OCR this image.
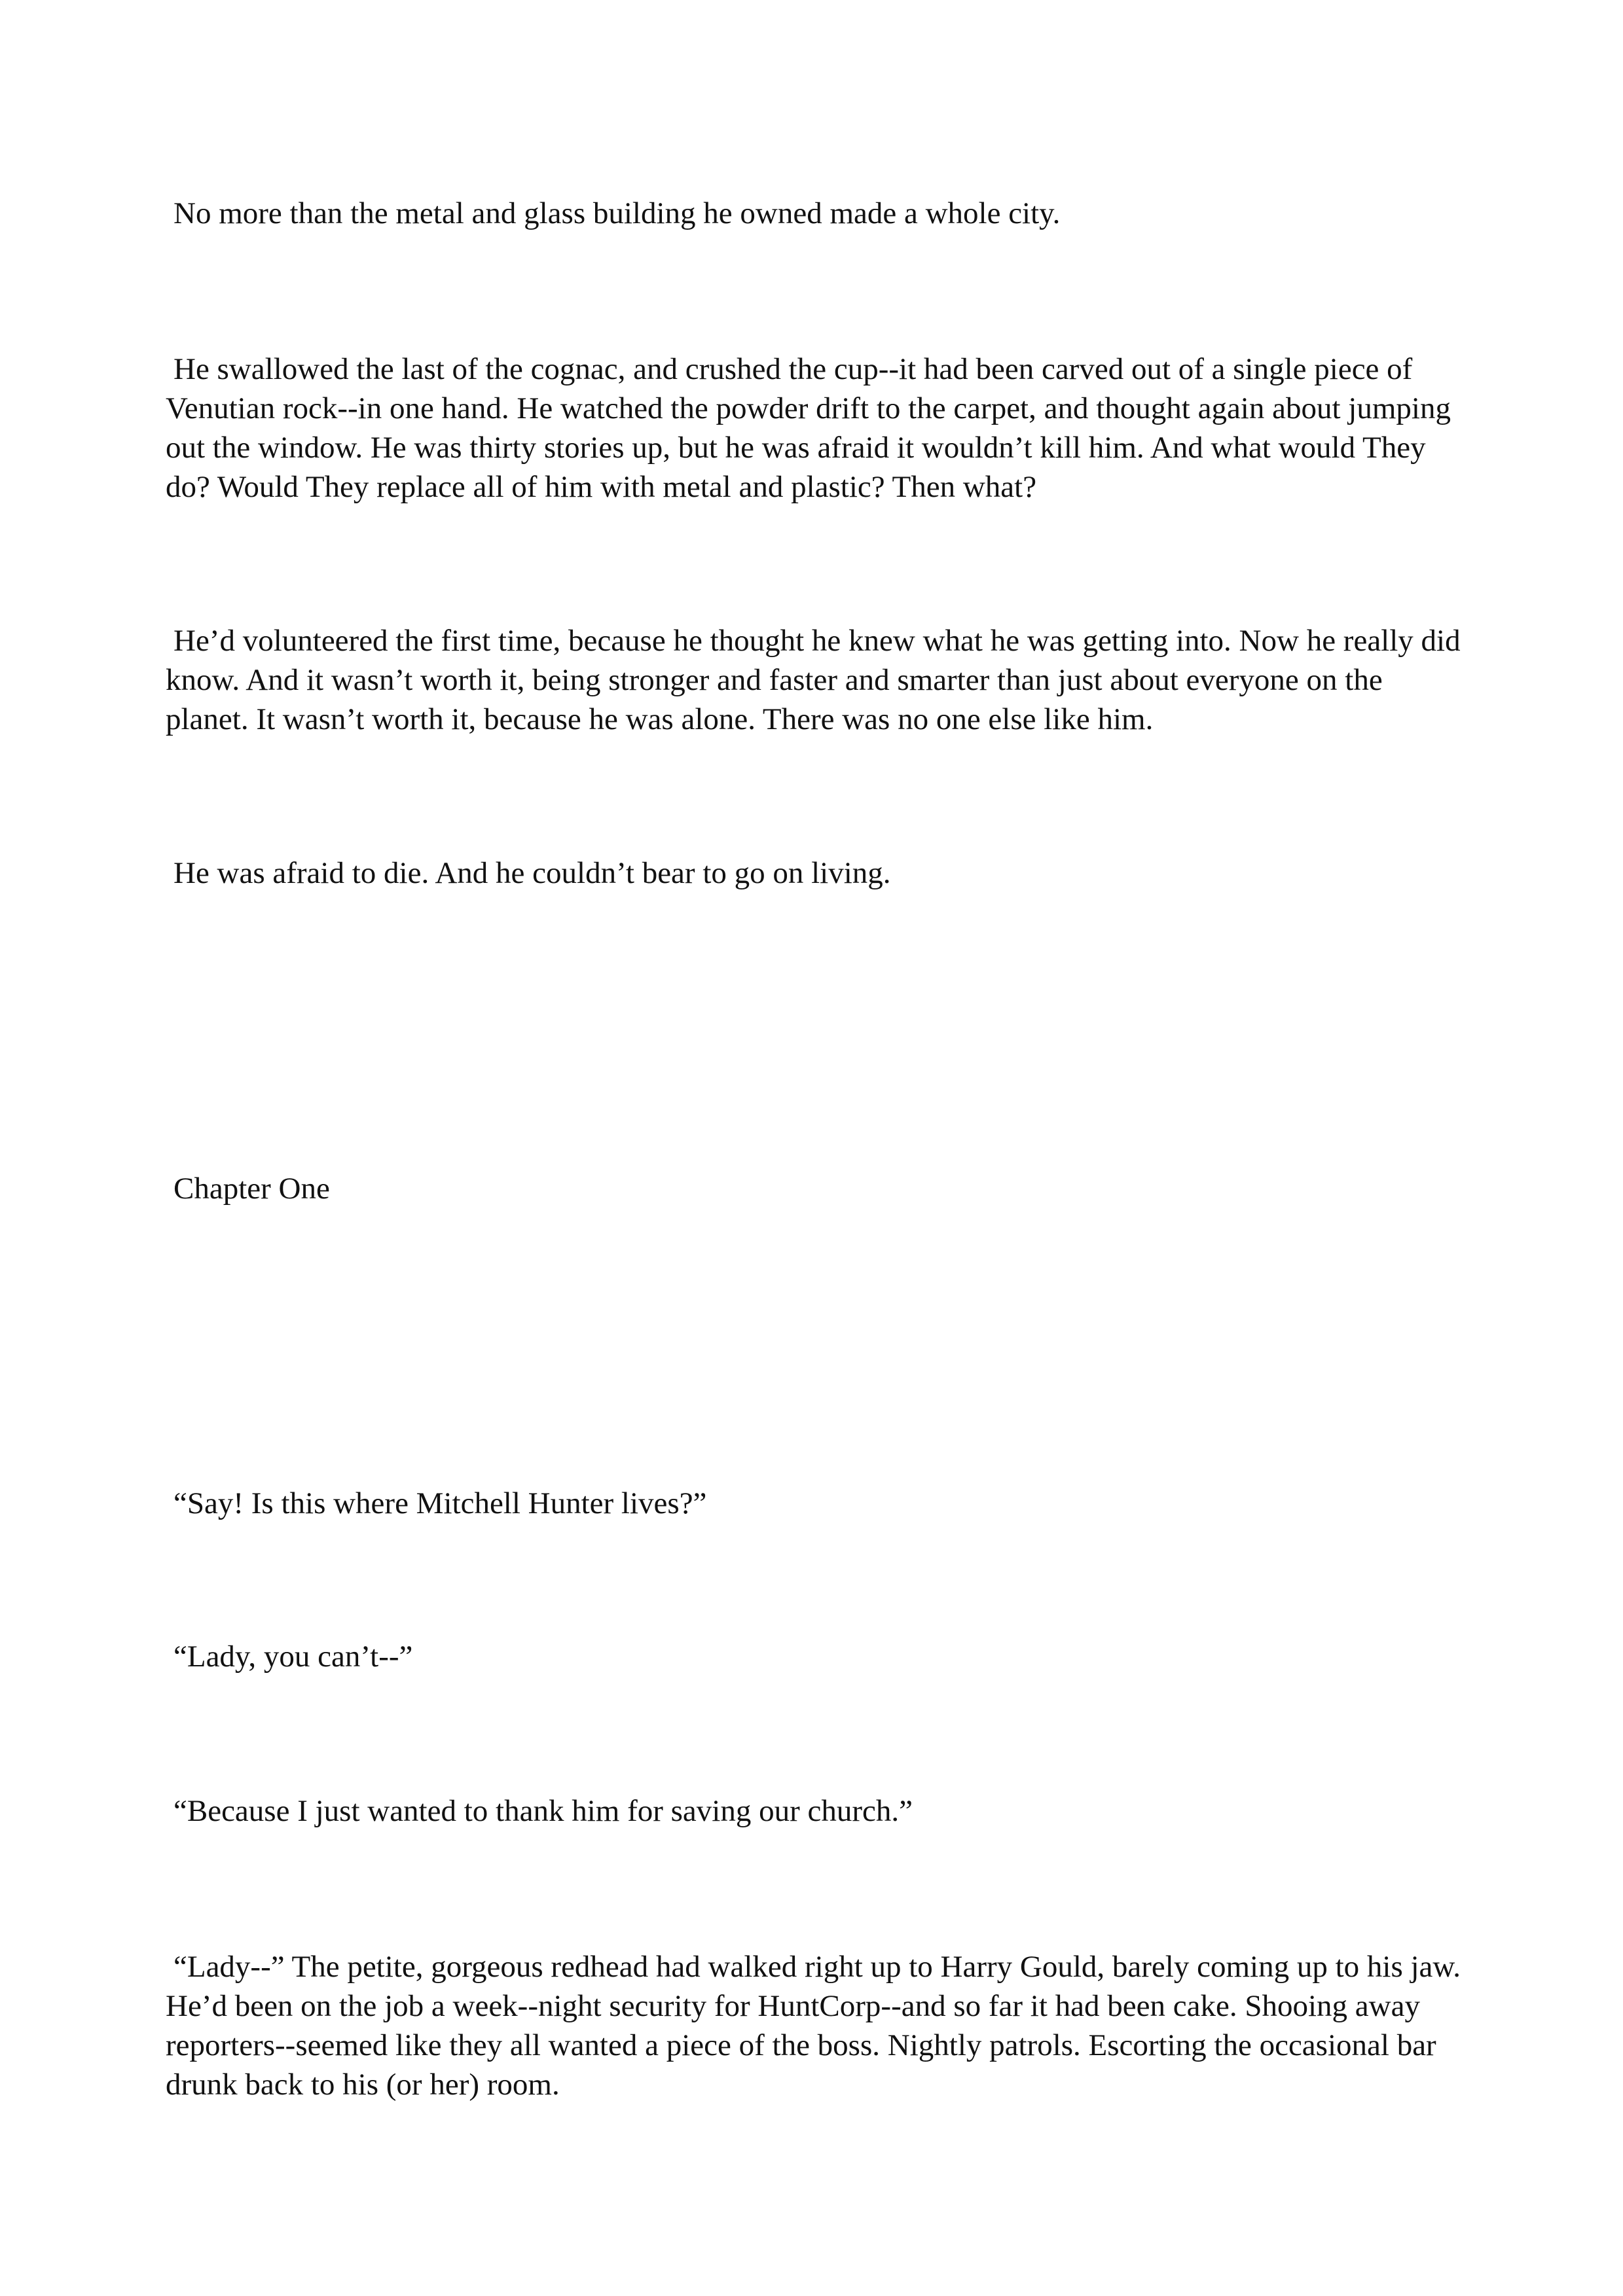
No more than the metal and glass building he owned made a whole city.

He swallowed the last of the cognac, and crushed the cup--it had been carved out of a single piece of Venutian rock--in one hand. He watched the powder drift to the carpet, and thought again about jumping out the window. He was thirty stories up, but he was afraid it wouldn’t kill him. And what would They do? Would They replace all of him with metal and plastic? Then what?

He’d volunteered the first time, because he thought he knew what he was getting into. Now he really did know. And it wasn’t worth it, being stronger and faster and smarter than just about everyone on the planet. It wasn’t worth it, because he was alone. There was no one else like him.

He was afraid to die. And he couldn’t bear to go on living.

Chapter One

“Say! Is this where Mitchell Hunter lives?”

“Lady, you can’t--”

“Because I just wanted to thank him for saving our church.”

“Lady--” The petite, gorgeous redhead had walked right up to Harry Gould, barely coming up to his jaw. He’d been on the job a week--night security for HuntCorp--and so far it had been cake. Shooing away reporters--seemed like they all wanted a piece of the boss. Nightly patrols. Escorting the occasional bar drunk back to his (or her) room.
